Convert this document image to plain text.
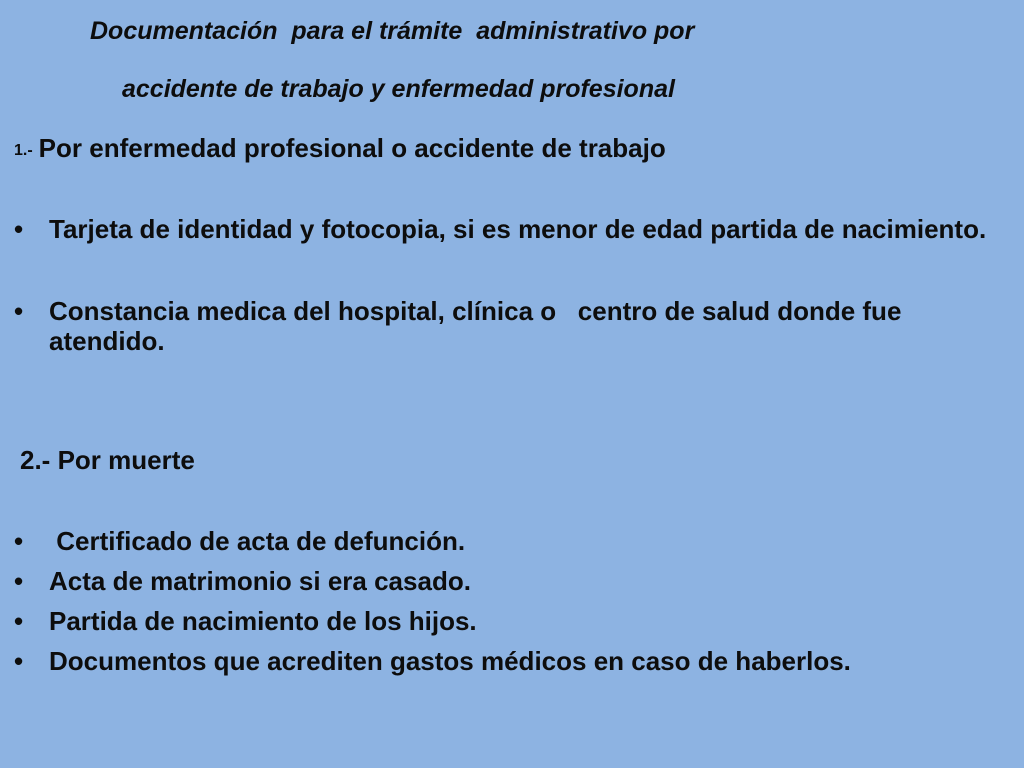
Documentación  para el trámite  administrativo por
accidente de trabajo y enfermedad profesional

1.- Por enfermedad profesional o accidente de trabajo

• Tarjeta de identidad y fotocopia, si es menor de edad partida de nacimiento.
• Constancia medica del hospital, clínica o   centro de salud donde fue atendido.

2.- Por muerte

• Certificado de acta de defunción.
• Acta de matrimonio si era casado.
• Partida de nacimiento de los hijos.
• Documentos que acrediten gastos médicos en caso de haberlos.
